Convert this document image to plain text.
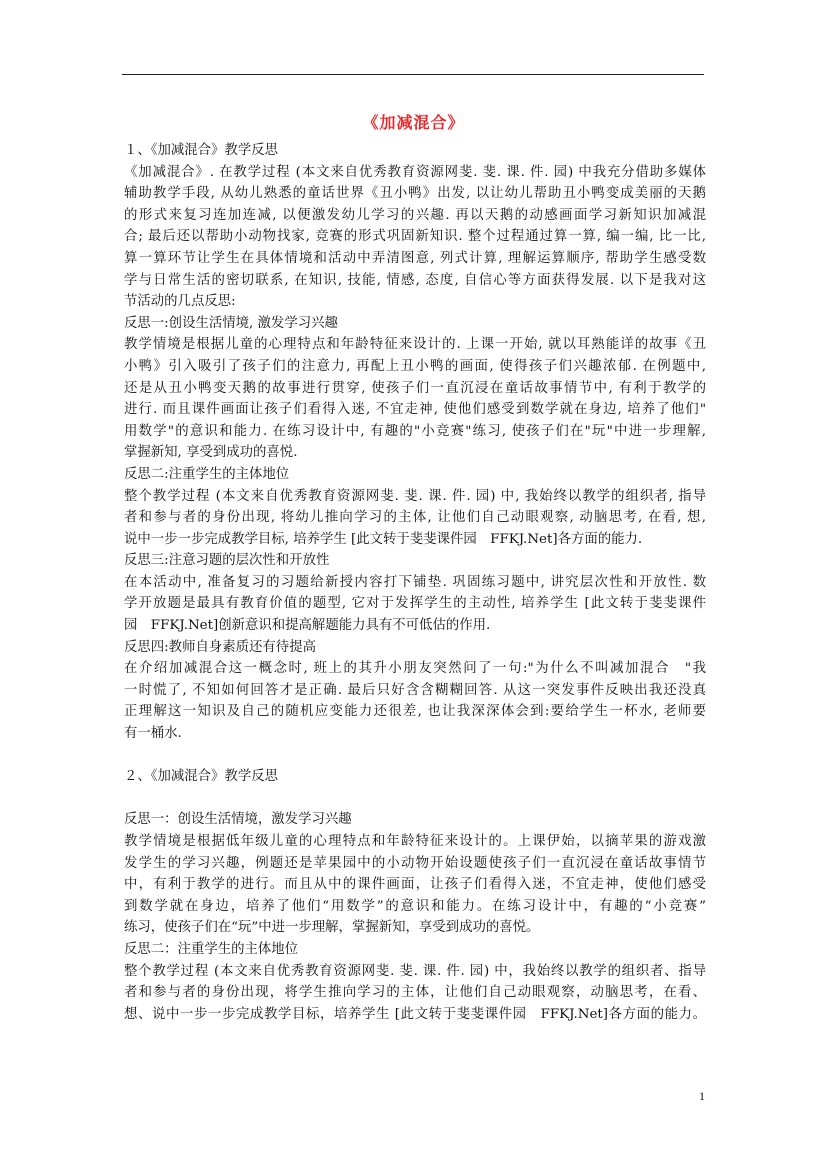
《加减混合》
１、《加减混合》教学反思
《加减混合》. 在教学过程 (本文来自优秀教育资源网斐. 斐. 课. 件. 园) 中我充分借助多媒体
辅助教学手段, 从幼儿熟悉的童话世界《丑小鸭》出发, 以让幼儿帮助丑小鸭变成美丽的天鹅
的形式来复习连加连减, 以便激发幼儿学习的兴趣. 再以天鹅的动感画面学习新知识加减混
合; 最后还以帮助小动物找家, 竞赛的形式巩固新知识. 整个过程通过算一算, 编一编, 比一比,
算一算环节让学生在具体情境和活动中弄清图意, 列式计算, 理解运算顺序, 帮助学生感受数
学与日常生活的密切联系, 在知识, 技能, 情感, 态度, 自信心等方面获得发展. 以下是我对这
节活动的几点反思:
反思一:创设生活情境, 激发学习兴趣
教学情境是根据儿童的心理特点和年龄特征来设计的. 上课一开始, 就以耳熟能详的故事《丑
小鸭》引入吸引了孩子们的注意力, 再配上丑小鸭的画面, 使得孩子们兴趣浓郁. 在例题中,
还是从丑小鸭变天鹅的故事进行贯穿, 使孩子们一直沉浸在童话故事情节中, 有利于教学的
进行. 而且课件画面让孩子们看得入迷, 不宜走神, 使他们感受到数学就在身边, 培养了他们"
用数学"的意识和能力. 在练习设计中, 有趣的"小竞赛"练习, 使孩子们在"玩"中进一步理解,
掌握新知, 享受到成功的喜悦.
反思二:注重学生的主体地位
整个教学过程 (本文来自优秀教育资源网斐. 斐. 课. 件. 园) 中, 我始终以教学的组织者, 指导
者和参与者的身份出现, 将幼儿推向学习的主体, 让他们自己动眼观察, 动脑思考, 在看, 想,
说中一步一步完成教学目标, 培养学生 [此文转于斐斐课件园　FFKJ.Net]各方面的能力.
反思三:注意习题的层次性和开放性
在本活动中, 准备复习的习题给新授内容打下铺垫. 巩固练习题中, 讲究层次性和开放性. 数
学开放题是最具有教育价值的题型, 它对于发挥学生的主动性, 培养学生 [此文转于斐斐课件
园　FFKJ.Net]创新意识和提高解题能力具有不可低估的作用.
反思四:教师自身素质还有待提高
在介绍加减混合这一概念时, 班上的其升小朋友突然问了一句:"为什么不叫减加混合　"我
一时慌了, 不知如何回答才是正确. 最后只好含含糊糊回答. 从这一突发事件反映出我还没真
正理解这一知识及自己的随机应变能力还很差, 也让我深深体会到:要给学生一杯水, 老师要
有一桶水.
２、《加减混合》教学反思
反思一：创设生活情境，激发学习兴趣
教学情境是根据低年级儿童的心理特点和年龄特征来设计的。上课伊始，以摘苹果的游戏激
发学生的学习兴趣，例题还是苹果园中的小动物开始设题使孩子们一直沉浸在童话故事情节
中，有利于教学的进行。而且从中的课件画面，让孩子们看得入迷，不宜走神，使他们感受
到数学就在身边，培养了他们“用数学”的意识和能力。在练习设计中，有趣的“小竞赛”
练习，使孩子们在“玩”中进一步理解，掌握新知，享受到成功的喜悦。
反思二：注重学生的主体地位
整个教学过程 (本文来自优秀教育资源网斐. 斐. 课. 件. 园) 中，我始终以教学的组织者、指导
者和参与者的身份出现，将学生推向学习的主体，让他们自己动眼观察，动脑思考，在看、
想、说中一步一步完成教学目标，培养学生 [此文转于斐斐课件园　FFKJ.Net]各方面的能力。
1
